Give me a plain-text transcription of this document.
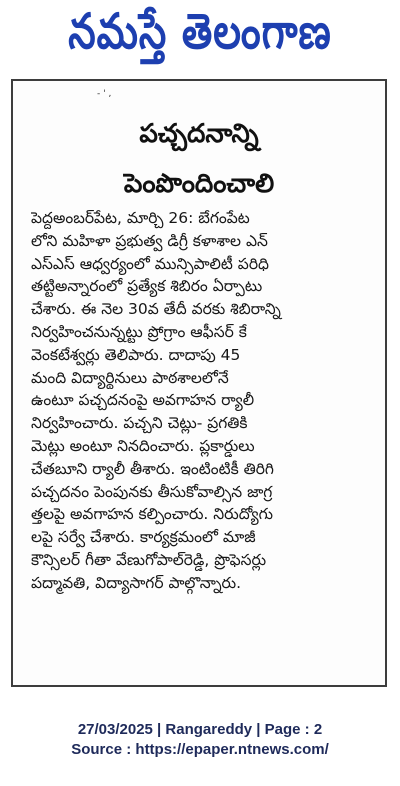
నమస్తే తెలంగాణ
- ' ,
పచ్చదనాన్ని
పెంపొందించాలి
పెద్దఅంబర్‌పేట, మార్చి 26: బేగంపేట
లోని మహిళా ప్రభుత్వ డిగ్రీ కళాశాల ఎన్
ఎస్ఎస్ ఆధ్వర్యంలో మున్సిపాలిటీ పరిధి
తట్టిఅన్నారంలో ప్రత్యేక శిబిరం ఏర్పాటు
చేశారు. ఈ నెల 30వ తేదీ వరకు శిబిరాన్ని
నిర్వహించనున్నట్టు ప్రోగ్రాం ఆఫీసర్ కే
వెంకటేశ్వర్లు తెలిపారు. దాదాపు 45
మంది విద్యార్థినులు పాఠశాలలోనే
ఉంటూ పచ్చదనంపై అవగాహన ర్యాలీ
నిర్వహించారు. పచ్చని చెట్లు- ప్రగతికి
మెట్లు అంటూ నినదించారు. ప్లకార్డులు
చేతబూని ర్యాలీ తీశారు. ఇంటింటికీ తిరిగి
పచ్చదనం పెంపునకు తీసుకోవాల్సిన జాగ్ర
త్తలపై అవగాహన కల్పించారు. నిరుద్యోగు
లపై సర్వే చేశారు. కార్యక్రమంలో మాజీ
కౌన్సిలర్ గీతా వేణుగోపాల్‌రెడ్డి, ప్రొఫెసర్లు
పద్మావతి, విద్యాసాగర్ పాల్గొన్నారు.
27/03/2025 | Rangareddy | Page : 2
Source : https://epaper.ntnews.com/
